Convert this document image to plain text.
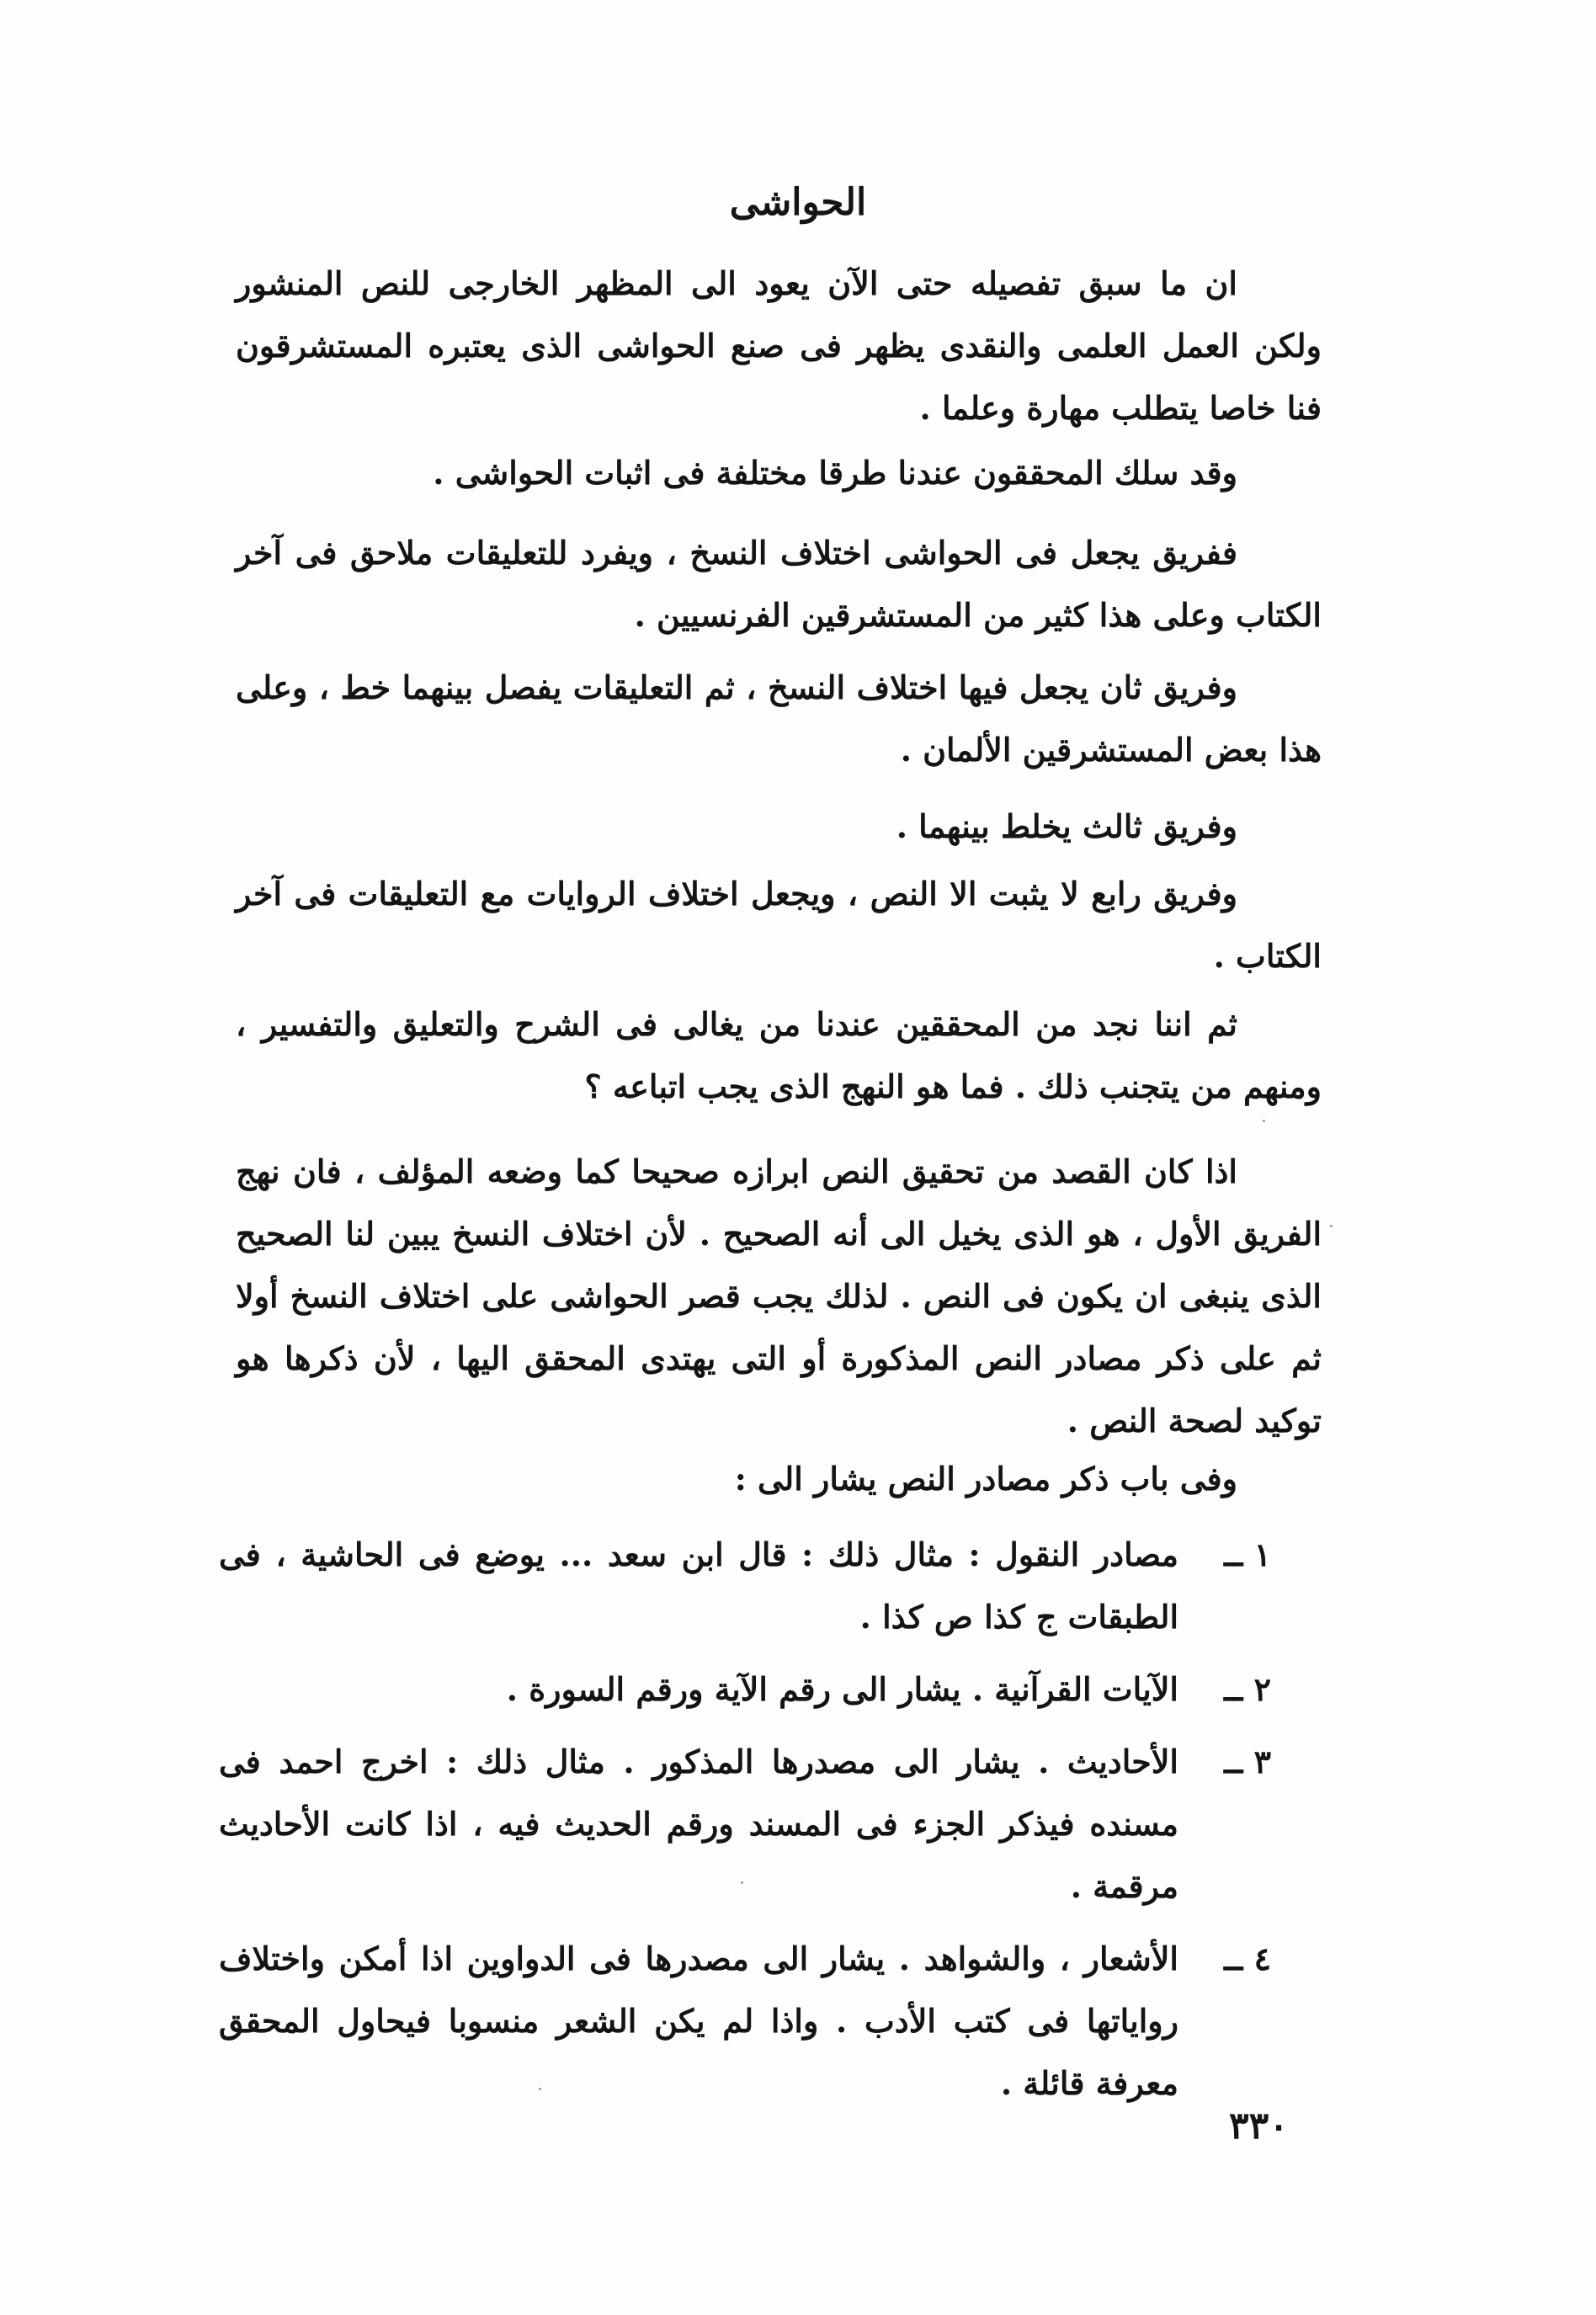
الحواشى

ان ما سبق تفصيله حتى الآن يعود الى المظهر الخارجى للنص المنشور ولكن العمل العلمى والنقدى يظهر فى صنع الحواشى الذى يعتبره المستشرقون فنا خاصا يتطلب مهارة وعلما .

وقد سلك المحققون عندنا طرقا مختلفة فى اثبات الحواشى .

ففريق يجعل فى الحواشى اختلاف النسخ ، ويفرد للتعليقات ملاحق فى آخر الكتاب وعلى هذا كثير من المستشرقين الفرنسيين .

وفريق ثان يجعل فيها اختلاف النسخ ، ثم التعليقات يفصل بينهما خط ، وعلى هذا بعض المستشرقين الألمان .

وفريق ثالث يخلط بينهما .

وفريق رابع لا يثبت الا النص ، ويجعل اختلاف الروايات مع التعليقات فى آخر الكتاب .

ثم اننا نجد من المحققين عندنا من يغالى فى الشرح والتعليق والتفسير ، ومنهم من يتجنب ذلك . فما هو النهج الذى يجب اتباعه ؟

اذا كان القصد من تحقيق النص ابرازه صحيحا كما وضعه المؤلف ، فان نهج الفريق الأول ، هو الذى يخيل الى أنه الصحيح . لأن اختلاف النسخ يبين لنا الصحيح الذى ينبغى ان يكون فى النص . لذلك يجب قصر الحواشى على اختلاف النسخ أولا ثم على ذكر مصادر النص المذكورة أو التى يهتدى المحقق اليها ، لأن ذكرها هو توكيد لصحة النص .

وفى باب ذكر مصادر النص يشار الى :

١ ــ
مصادر النقول : مثال ذلك : قال ابن سعد ... يوضع فى الحاشية ، فى الطبقات ج كذا ص كذا .
٢ ــ
الآيات القرآنية . يشار الى رقم الآية ورقم السورة .
٣ ــ
الأحاديث . يشار الى مصدرها المذكور . مثال ذلك : اخرج احمد فى مسنده فيذكر الجزء فى المسند ورقم الحديث فيه ، اذا كانت الأحاديث مرقمة .
٤ ــ
الأشعار ، والشواهد . يشار الى مصدرها فى الدواوين اذا أمكن واختلاف رواياتها فى كتب الأدب . واذا لم يكن الشعر منسوبا فيحاول المحقق معرفة قائلة .
٣٣٠
